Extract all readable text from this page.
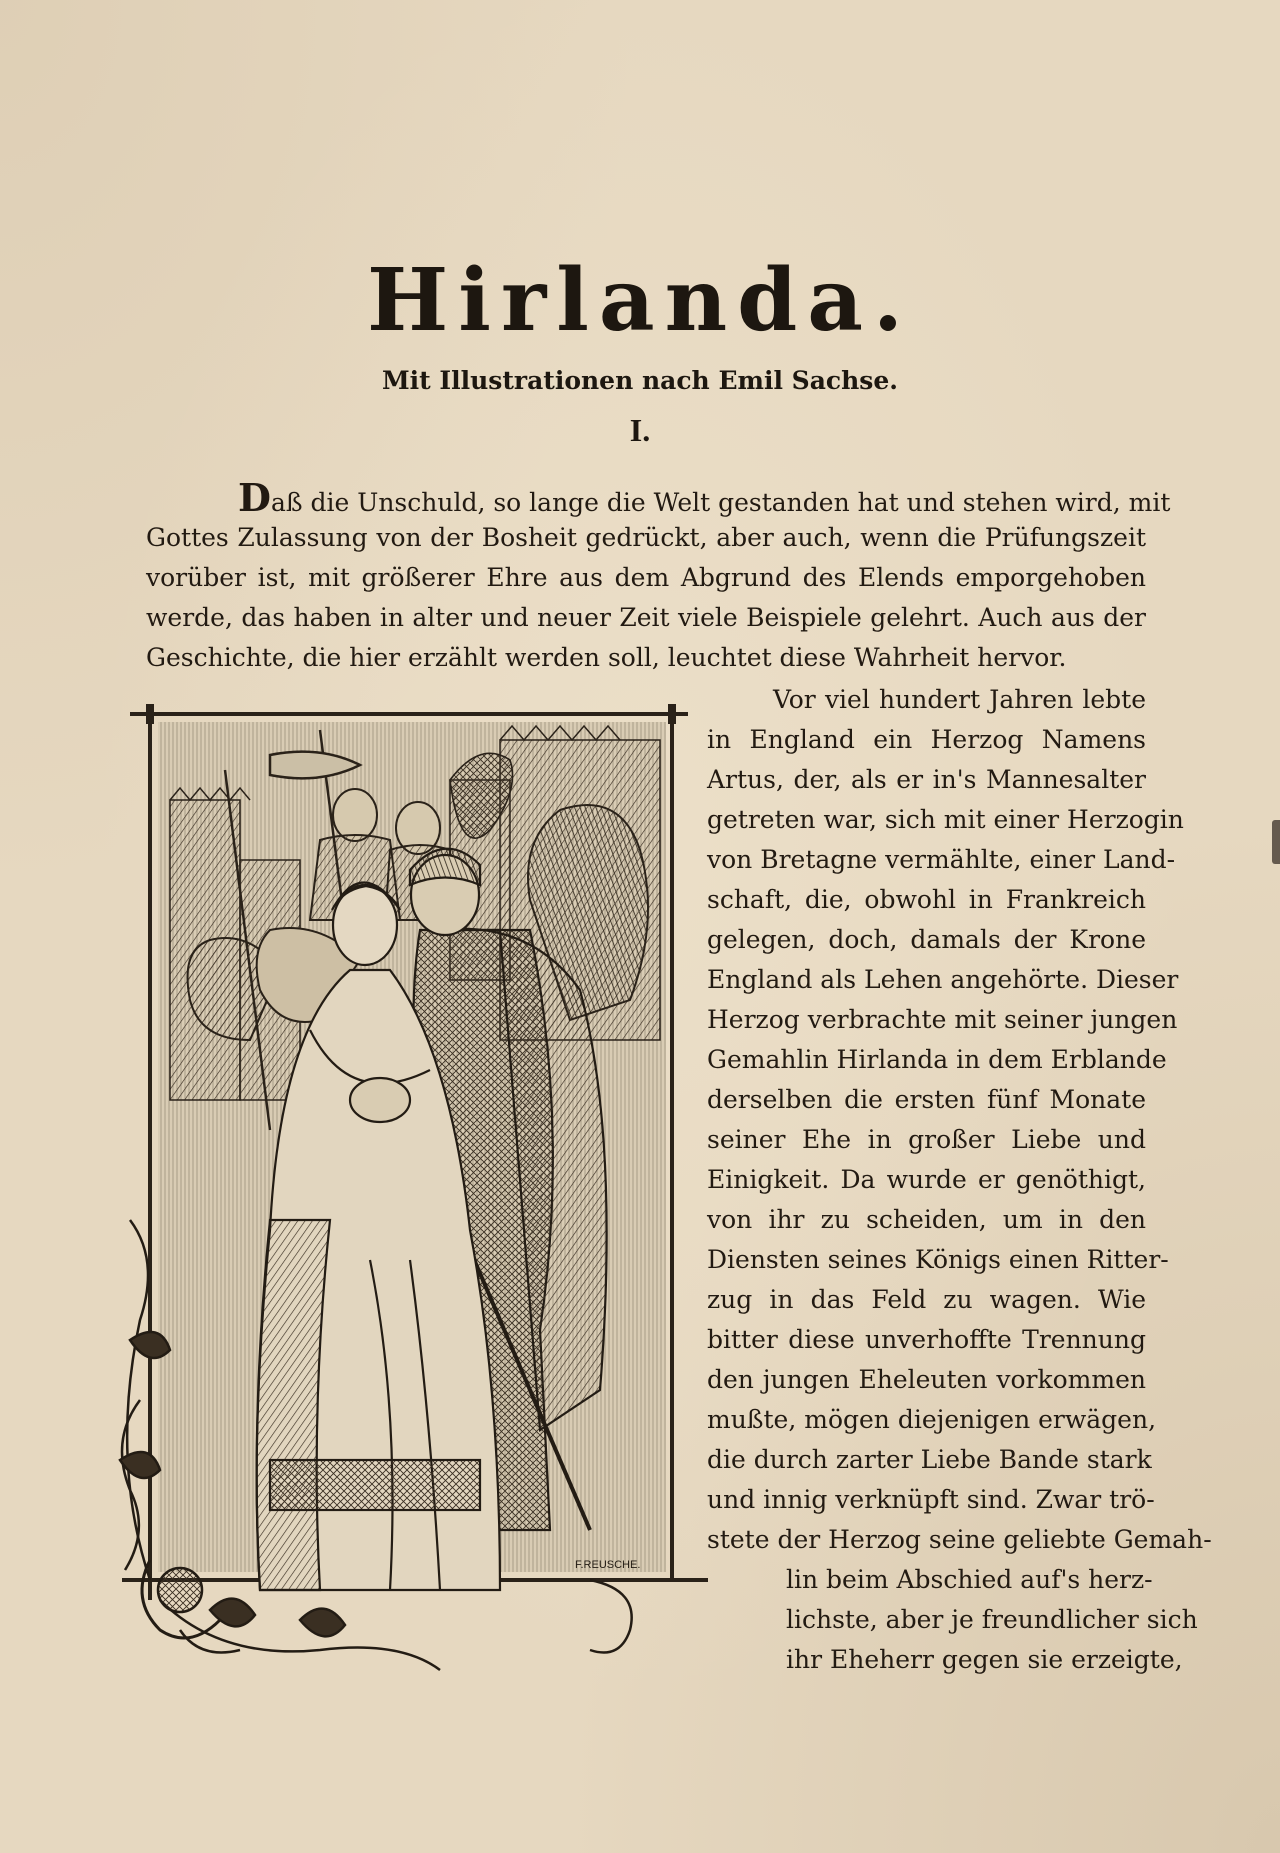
Hirlanda.
Mit Illustrationen nach Emil Sachse.
I.
Daß die Unschuld, so lange die Welt gestanden hat und stehen wird, mit
Gottes Zulassung von der Bosheit gedrückt, aber auch, wenn die Prüfungszeit
vorüber ist, mit größerer Ehre aus dem Abgrund des Elends emporgehoben
werde, das haben in alter und neuer Zeit viele Beispiele gelehrt. Auch aus der
Geschichte, die hier erzählt werden soll, leuchtet diese Wahrheit hervor.
Vor viel hundert Jahren lebte
in England ein Herzog Namens
Artus, der, als er in's Mannesalter
getreten war, sich mit einer Herzogin
von Bretagne vermählte, einer Land-
schaft, die, obwohl in Frankreich
gelegen, doch, damals der Krone
England als Lehen angehörte. Dieser
Herzog verbrachte mit seiner jungen
Gemahlin Hirlanda in dem Erblande
derselben die ersten fünf Monate
seiner Ehe in großer Liebe und
Einigkeit. Da wurde er genöthigt,
von ihr zu scheiden, um in den
Diensten seines Königs einen Ritter-
zug in das Feld zu wagen. Wie
bitter diese unverhoffte Trennung
den jungen Eheleuten vorkommen
mußte, mögen diejenigen erwägen,
die durch zarter Liebe Bande stark
und innig verknüpft sind. Zwar trö-
stete der Herzog seine geliebte Gemah-
lin beim Abschied auf's herz-
lichste, aber je freundlicher sich
ihr Eheherr gegen sie erzeigte,
F.REUSCHE.
